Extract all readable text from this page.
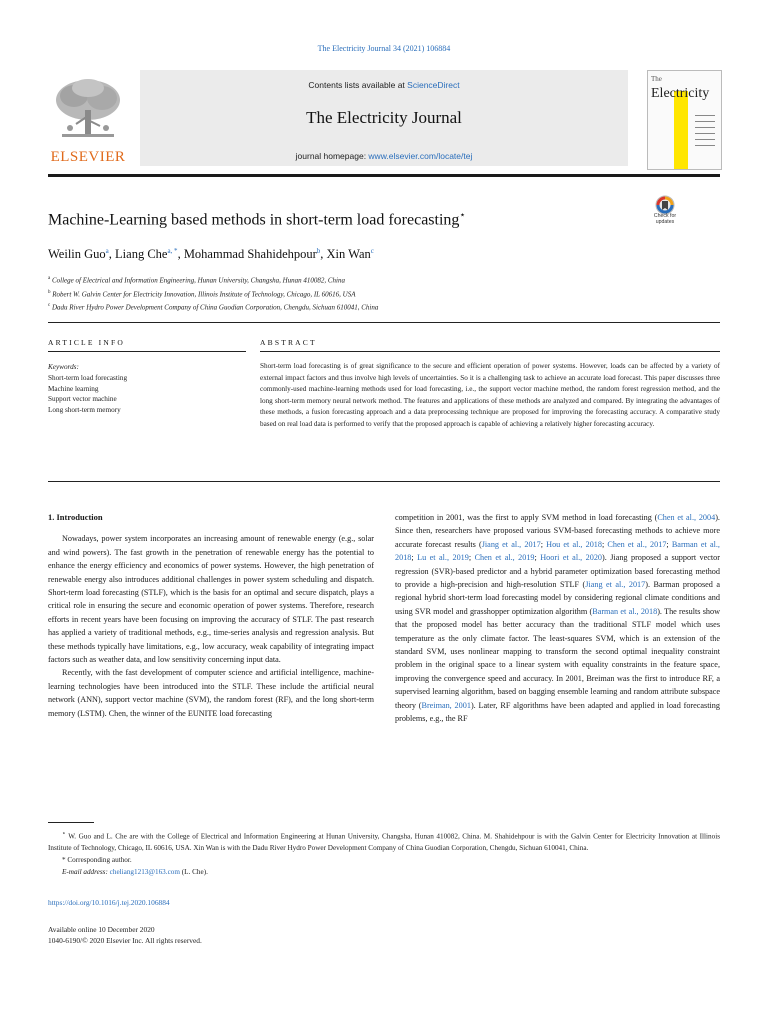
The Electricity Journal 34 (2021) 106884
ELSEVIER
Contents lists available at ScienceDirect
The Electricity Journal
journal homepage: www.elsevier.com/locate/tej
The
Electricity
Machine-Learning based methods in short-term load forecasting⋆	Check for updates
Weilin Guo$^a$, Liang Che$^{a, *}$, Mohammad Shahidehpour$^b$, Xin Wan$^c$
$^a$ College of Electrical and Information Engineering, Hunan University, Changsha, Hunan 410082, China
$^b$ Robert W. Galvin Center for Electricity Innovation, Illinois Institute of Technology, Chicago, IL 60616, USA
$^c$ Dadu River Hydro Power Development Company of China Guodian Corporation, Chengdu, Sichuan 610041, China
ARTICLE INFO	ABSTRACT
Keywords:
Short-term load forecasting
Machine learning
Support vector machine
Long short-term memory
Short-term load forecasting is of great significance to the secure and efficient operation of power systems. However, loads can be affected by a variety of external impact factors and thus involve high levels of uncertainties. So it is a challenging task to achieve an accurate load forecast. This paper discusses three commonly-used machine-learning methods used for load forecasting, i.e., the support vector machine method, the random forest regression method, and the long short-term memory neural network method. The features and applications of these methods are analyzed and compared. By integrating the advantages of these methods, a fusion forecasting approach and a data preprocessing technique are proposed for improving the forecasting accuracy. A comparative study based on real load data is performed to verify that the proposed approach is capable of achieving a relatively higher forecasting accuracy.
1. Introduction

Nowadays, power system incorporates an increasing amount of renewable energy (e.g., solar and wind powers). The fast growth in the penetration of renewable energy has the potential to enhance the energy efficiency and economics of power systems. However, the high penetration of renewable energy also introduces additional challenges in power system scheduling and dispatch. Short-term load forecasting (STLF), which is the basis for an optimal and secure dispatch, plays a critical role in ensuring the secure and economic operation of power systems. Therefore, research efforts in recent years have been focusing on improving the accuracy of STLF. The past research has applied a variety of traditional methods, e.g., time-series analysis and regression analysis. But these methods typically have limitations, e.g., low accuracy, weak capability of integrating impact factors such as weather data, and low sensitivity concerning input data.

Recently, with the fast development of computer science and artificial intelligence, machine-learning technologies have been introduced into the STLF. These include the artificial neural network (ANN), support vector machine (SVM), the random forest (RF), and the long short-term memory (LSTM). Chen, the winner of the EUNITE load forecasting

competition in 2001, was the first to apply SVM method in load forecasting (Chen et al., 2004). Since then, researchers have proposed various SVM-based forecasting methods to achieve more accurate forecast results (Jiang et al., 2017; Hou et al., 2018; Chen et al., 2017; Barman et al., 2018; Lu et al., 2019; Chen et al., 2019; Hoori et al., 2020). Jiang proposed a support vector regression (SVR)-based predictor and a hybrid parameter optimization based forecasting method to provide a high-precision and high-resolution STLF (Jiang et al., 2017). Barman proposed a regional hybrid short-term load forecasting model by considering regional climate conditions and using SVR model and grasshopper optimization algorithm (Barman et al., 2018). The results show that the proposed model has better accuracy than the traditional STLF model which uses temperature as the only climate factor. The least-squares SVM, which is an extension of the standard SVM, uses nonlinear mapping to transform the second optimal inequality constraint problem in the original space to a linear system with equality constraints in the feature space, improving the convergence speed and accuracy. In 2001, Breiman was the first to introduce RF, a supervised learning algorithm, based on bagging ensemble learning and random attribute subspace theory (Breiman, 2001). Later, RF algorithms have been adapted and applied in load forecasting problems, e.g., the RF

⋆ W. Guo and L. Che are with the College of Electrical and Information Engineering at Hunan University, Changsha, Hunan 410082, China. M. Shahidehpour is with the Galvin Center for Electricity Innovation at Illinois Institute of Technology, Chicago, IL 60616, USA. Xin Wan is with the Dadu River Hydro Power Development Company of China Guodian Corporation, Chengdu, Sichuan 610041, China.
* Corresponding author.
E-mail address: cheliang1213@163.com (L. Che).
https://doi.org/10.1016/j.tej.2020.106884
Available online 10 December 2020
1040-6190/© 2020 Elsevier Inc. All rights reserved.
